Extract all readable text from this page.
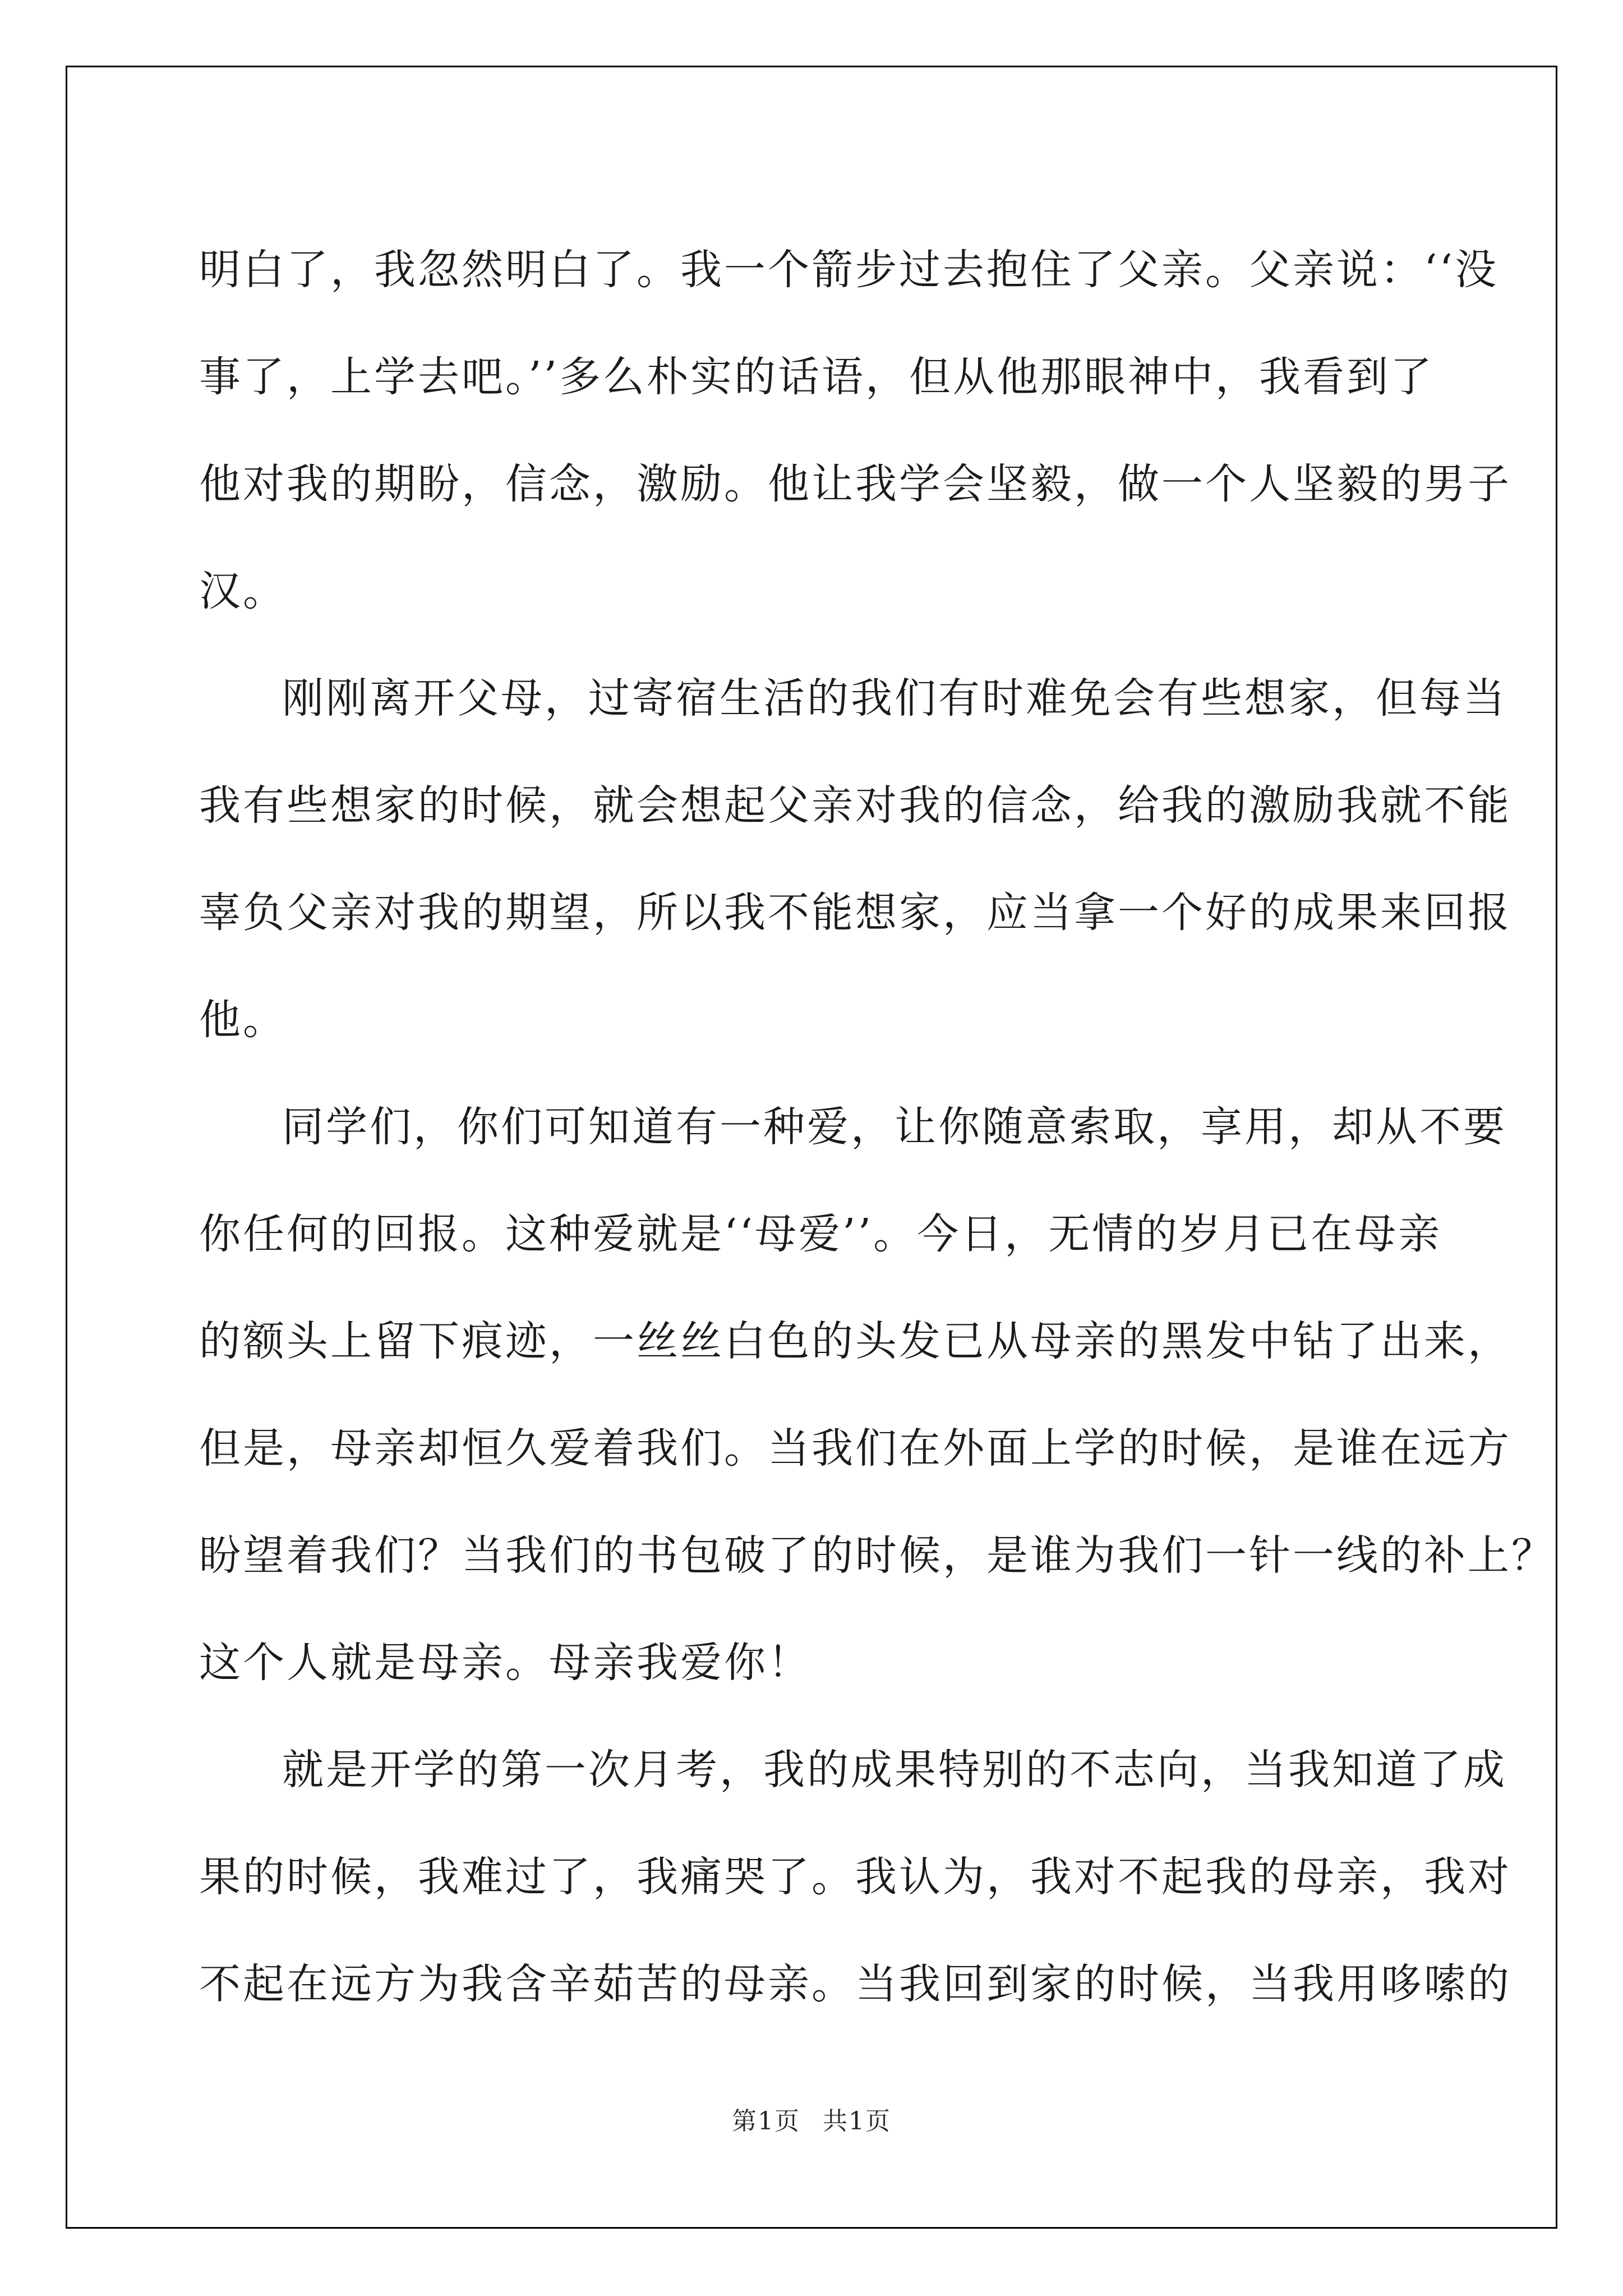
明白了，我忽然明白了。我一个箭步过去抱住了父亲。父亲说：‘‘没
事了，上学去吧。’’多么朴实的话语，但从他那眼神中，我看到了
他对我的期盼，信念，激励。他让我学会坚毅，做一个人坚毅的男子
汉。
刚刚离开父母，过寄宿生活的我们有时难免会有些想家，但每当
我有些想家的时候，就会想起父亲对我的信念，给我的激励我就不能
辜负父亲对我的期望，所以我不能想家，应当拿一个好的成果来回报
他。
同学们，你们可知道有一种爱，让你随意索取，享用，却从不要
你任何的回报。这种爱就是‘‘母爱’’。今日，无情的岁月已在母亲
的额头上留下痕迹，一丝丝白色的头发已从母亲的黑发中钻了出来，
但是，母亲却恒久爱着我们。当我们在外面上学的时候，是谁在远方
盼望着我们？当我们的书包破了的时候，是谁为我们一针一线的补上？
这个人就是母亲。母亲我爱你！
就是开学的第一次月考，我的成果特别的不志向，当我知道了成
果的时候，我难过了，我痛哭了。我认为，我对不起我的母亲，我对
不起在远方为我含辛茹苦的母亲。当我回到家的时候，当我用哆嗦的
第1页 共1页
